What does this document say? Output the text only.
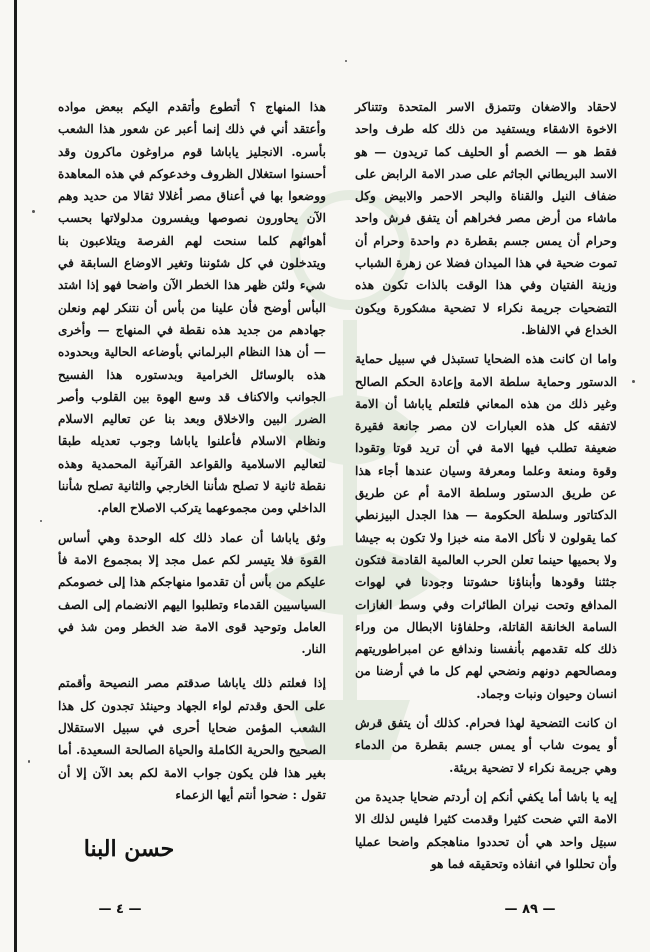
لاحقاد والاضغان وتتمزق الاسر المتحدة وتتناكر الاخوة الاشقاء ويستفيد من ذلك كله طرف واحد فقط هو — الخصم أو الحليف كما تريدون — هو الاسد البريطاني الجاثم على صدر الامة الرابض على ضفاف النيل والقناة والبحر الاحمر والابيض وكل ماشاء من أرض مصر فخراهم أن يتفق فرش واحد وحرام أن يمس جسم بقطرة دم واحدة وحرام أن تموت ضحية في هذا الميدان فضلا عن زهرة الشباب وزينة الفتيان وفي هذا الوقت بالذات تكون هذه التضحيات جريمة نكراء لا تضحية مشكورة ويكون الخداع في الالفاظ.

واما ان كانت هذه الضحايا تستبذل في سبيل حماية الدستور وحماية سلطة الامة وإعادة الحكم الصالح وغير ذلك من هذه المعاني فلتعلم ياباشا أن الامة لاتفقه كل هذه العبارات لان مصر جانعة فقيرة ضعيفة تطلب فيها الامة في أن تريد قوتا وتقودا وقوة ومنعة وعلما ومعرفة وسيان عندها أجاء هذا عن طريق الدستور وسلطة الامة أم عن طريق الدكتاتور وسلطة الحكومة — هذا الجدل البيزنطي كما يقولون لا نأكل الامة منه خبزا ولا تكون به جيشا ولا بحميها حينما تعلن الحرب العالمية القادمة فتكون جثثنا وقودها وأبناؤنا حشوتنا وجودنا في لهوات المدافع وتحت نيران الطائرات وفي وسط الغازات السامة الخانقة القاتلة، وحلفاؤنا الابطال من وراء ذلك كله تقدمهم بأنفسنا وندافع عن امبراطوريتهم ومصالحهم دونهم ونضحي لهم كل ما في أرضنا من انسان وحيوان ونبات وجماد.

ان كانت التضحية لهذا فحرام. كذلك أن يتفق قرش أو يموت شاب أو يمس جسم بقطرة من الدماء وهي جريمة نكراء لا تضحية بريئة.

إيه يا باشا أما يكفي أنكم إن أردتم ضحايا جديدة من الامة التي ضحت كثيرا وقدمت كثيرا فليس لذلك الا سبيل واحد هي أن تحددوا مناهجكم واضحا عمليا وأن تحللوا في انفاذه وتحقيقه فما هو

هذا المنهاج ؟ أتطوع وأتقدم اليكم ببعض مواده وأعتقد أني في ذلك إنما أعبر عن شعور هذا الشعب بأسره. الانجليز ياباشا قوم مراوغون ماكرون وقد أحسنوا استغلال الظروف وخدعوكم في هذه المعاهدة ووضعوا بها في أعناق مصر أغلالا ثقالا من حديد وهم الآن يحاورون نصوصها ويفسرون مدلولاتها بحسب أهوائهم كلما سنحت لهم الفرصة ويتلاعبون بنا ويتدخلون في كل شئوننا وتغير الاوضاع السابقة في شيء ولئن ظهر هذا الخطر الآن واضحا فهو إذا اشتد البأس أوضح فأن علينا من بأس أن نتنكر لهم ونعلن جهادهم من جديد هذه نقطة في المنهاج — وأخرى — أن هذا النظام البرلماني بأوضاعه الحالية وبحدوده هذه بالوسائل الخرامية وبدستوره هذا الفسيح الجوانب والاكناف قد وسع الهوة بين القلوب وأصر الضرر البين والاخلاق وبعد بنا عن تعاليم الاسلام ونظام الاسلام فأعلنوا ياباشا وجوب تعديله طبقا لتعاليم الاسلامية والقواعد القرآنية المحمدية وهذه نقطة ثانية لا تصلح شأننا الخارجي والثانية تصلح شأننا الداخلي ومن مجموعهما يتركب الاصلاح العام.

وثق ياباشا أن عماد ذلك كله الوحدة وهي أساس القوة فلا يتيسر لكم عمل مجد إلا بمجموع الامة فأ عليكم من بأس أن تقدموا منهاجكم هذا إلى خصومكم السياسيين القدماء وتطلبوا اليهم الانضمام إلى الصف العامل وتوحيد قوى الامة ضد الخطر ومن شذ في النار.

إذا فعلتم ذلك ياباشا صدقتم مصر النصيحة وأقمتم على الحق وقدتم لواء الجهاد وحينئذ تجدون كل هذا الشعب المؤمن ضحايا أحرى في سبيل الاستقلال الصحيح والحرية الكاملة والحياة الصالحة السعيدة. أما بغير هذا فلن يكون جواب الامة لكم بعد الآن إلا أن تقول : ضحوا أنتم أيها الزعماء

حسن البنا
— ٤ —	— ٨٩ —
